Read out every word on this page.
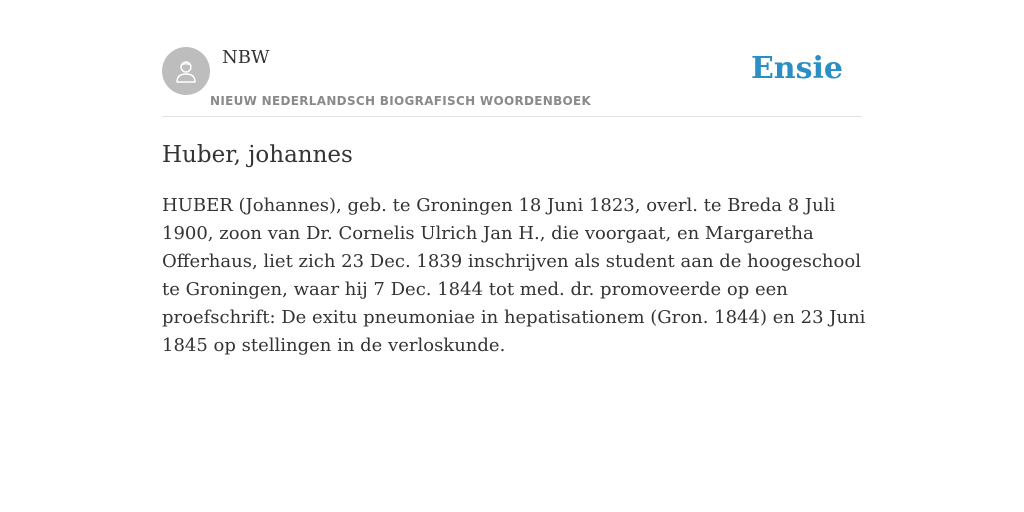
NBW
NIEUW NEDERLANDSCH BIOGRAFISCH WOORDENBOEK
Ensie
Huber, johannes

HUBER (Johannes), geb. te Groningen 18 Juni 1823, overl. te Breda 8 Juli 1900, zoon van Dr. Cornelis Ulrich Jan H., die voorgaat, en Margaretha Offerhaus, liet zich 23 Dec. 1839 inschrijven als student aan de hoogeschool te Groningen, waar hij 7 Dec. 1844 tot med. dr. promoveerde op een proefschrift: De exitu pneumoniae in hepatisationem (Gron. 1844) en 23 Juni 1845 op stellingen in de verloskunde.
